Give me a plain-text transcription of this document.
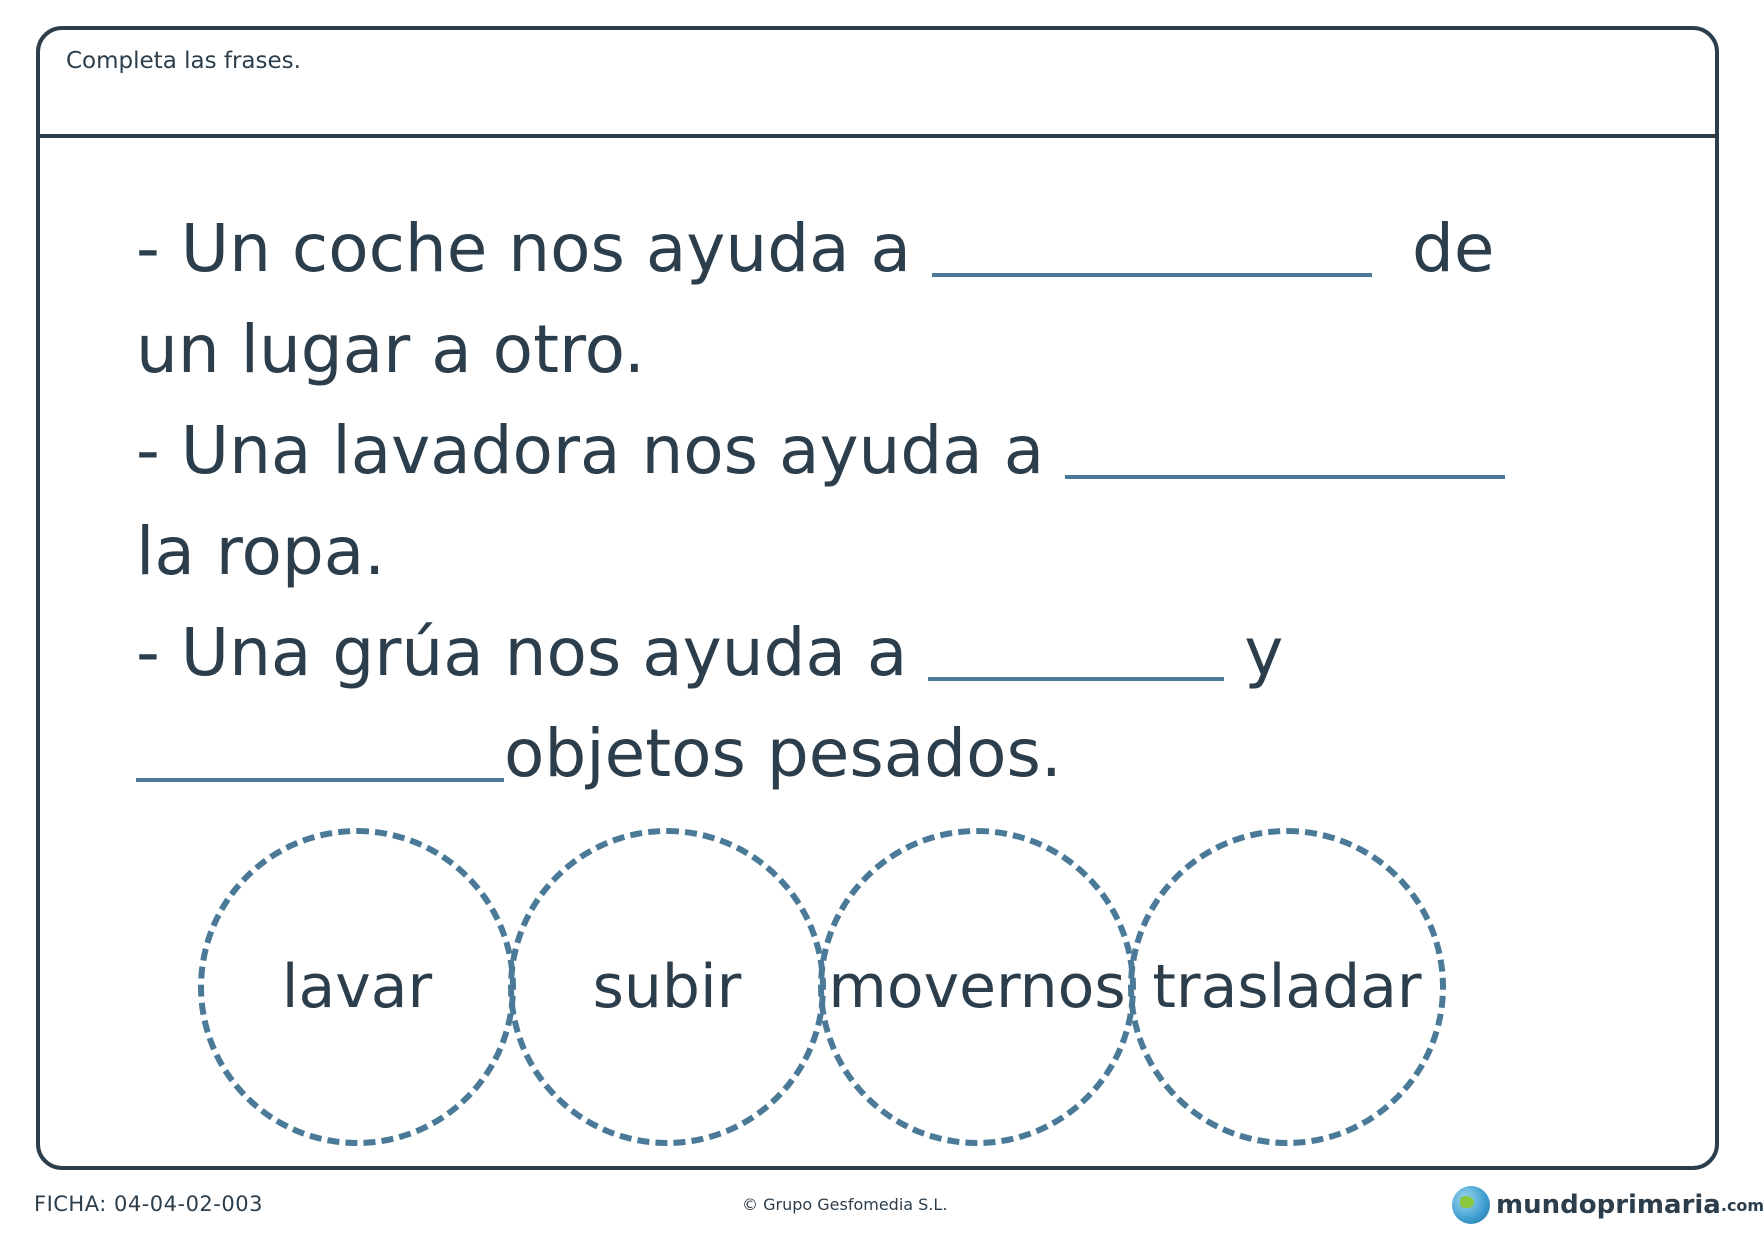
Completa las frases.
- Un coche nos ayuda a	de
un lugar a otro.
- Una lavadora nos ayuda a
la ropa.
- Una grúa nos ayuda a	y
objetos pesados.
lavar	subir movernos trasladar
FICHA: 04-04-02-003	© Grupo Gesfomedia S.L.	mundoprimaria .com
